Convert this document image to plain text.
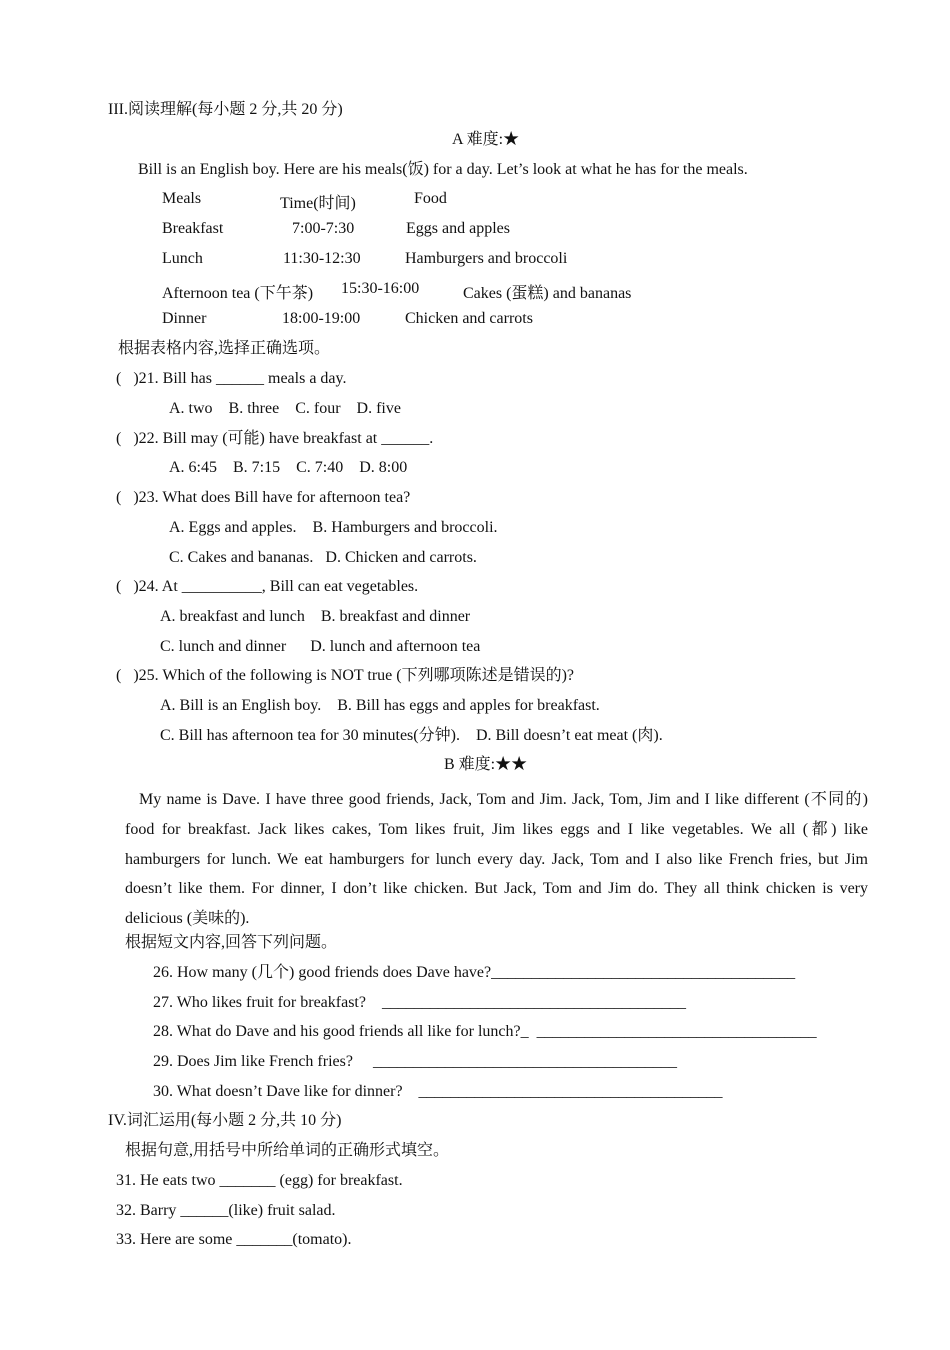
III.阅读理解(每小题 2 分,共 20 分)
A 难度:★
Bill is an English boy. Here are his meals(饭) for a day. Let’s look at what he has for the meals.
Meals	Time(时间)	Food
Breakfast	7:00-7:30	Eggs and apples
Lunch	11:30-12:30	Hamburgers and broccoli
Afternoon tea (下午茶) 15:30-16:00	Cakes (蛋糕) and bananas
Dinner	18:00-19:00	Chicken and carrots
根据表格内容,选择正确选项。
(   )21. Bill has ______ meals a day.
A. two    B. three    C. four    D. five
(   )22. Bill may (可能) have breakfast at ______.
A. 6:45    B. 7:15    C. 7:40    D. 8:00
(   )23. What does Bill have for afternoon tea?
A. Eggs and apples.    B. Hamburgers and broccoli.
C. Cakes and bananas.   D. Chicken and carrots.
(   )24. At __________, Bill can eat vegetables.
A. breakfast and lunch    B. breakfast and dinner
C. lunch and dinner      D. lunch and afternoon tea
(   )25. Which of the following is NOT true (下列哪项陈述是错误的)?
A. Bill is an English boy.    B. Bill has eggs and apples for breakfast.
C. Bill has afternoon tea for 30 minutes(分钟).    D. Bill doesn’t eat meat (肉).
B 难度:★★
My name is Dave. I have three good friends, Jack, Tom and Jim. Jack, Tom, Jim and I like different (不同的) food for breakfast. Jack likes cakes, Tom likes fruit, Jim likes eggs and I like vegetables. We all (都) like hamburgers for lunch. We eat hamburgers for lunch every day. Jack, Tom and I also like French fries, but Jim doesn’t like them. For dinner, I don’t like chicken. But Jack, Tom and Jim do. They all think chicken is very delicious (美味的).
根据短文内容,回答下列问题。
26. How many (几个) good friends does Dave have?______________________________________
27. Who likes fruit for breakfast?    ______________________________________
28. What do Dave and his good friends all like for lunch?_  ___________________________________
29. Does Jim like French fries?     ______________________________________
30. What doesn’t Dave like for dinner?    ______________________________________
IV.词汇运用(每小题 2 分,共 10 分)
根据句意,用括号中所给单词的正确形式填空。
31. He eats two _______ (egg) for breakfast.
32. Barry ______(like) fruit salad.
33. Here are some _______(tomato).
